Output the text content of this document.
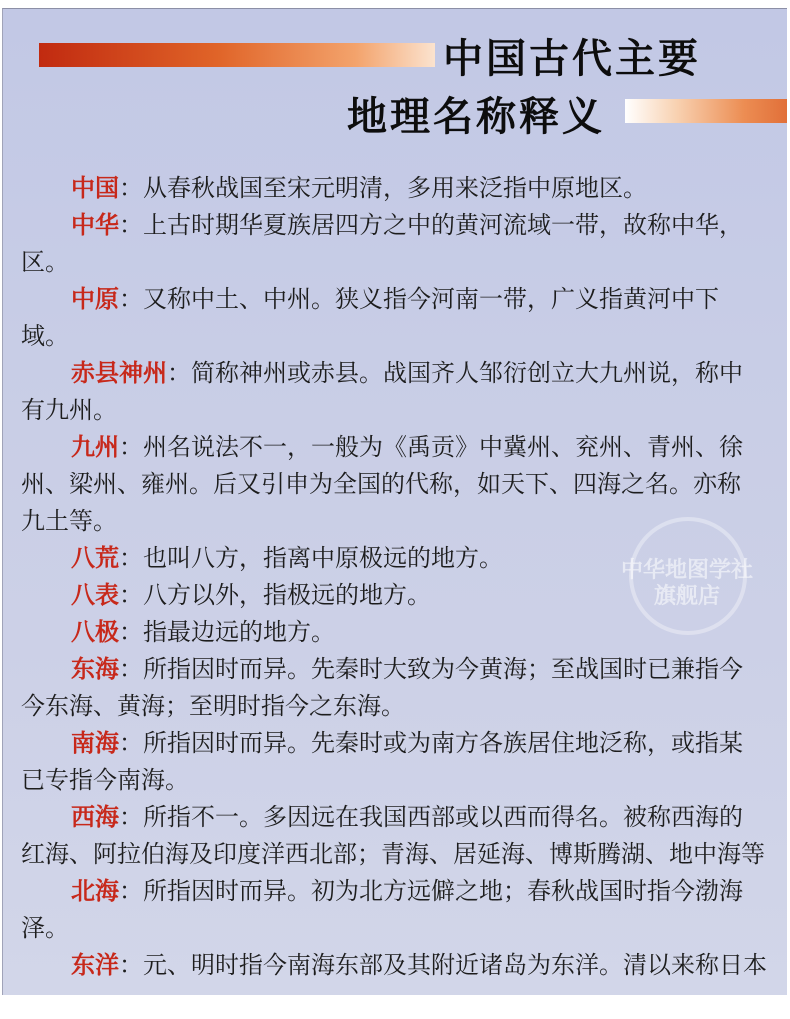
中国古代主要
地理名称释义
中华地图学社
旗舰店
中国：从春秋战国至宋元明清，多用来泛指中原地区。
中华：上古时期华夏族居四方之中的黄河流域一带，故称中华，
区。
中原：又称中土、中州。狭义指今河南一带，广义指黄河中下
域。
赤县神州：简称神州或赤县。战国齐人邹衍创立大九州说，称中
有九州。
九州：州名说法不一，一般为《禹贡》中冀州、兖州、青州、徐
州、梁州、雍州。后又引申为全国的代称，如天下、四海之名。亦称
九土等。
八荒：也叫八方，指离中原极远的地方。
八表：八方以外，指极远的地方。
八极：指最边远的地方。
东海：所指因时而异。先秦时大致为今黄海；至战国时已兼指今
今东海、黄海；至明时指今之东海。
南海：所指因时而异。先秦时或为南方各族居住地泛称，或指某
已专指今南海。
西海：所指不一。多因远在我国西部或以西而得名。被称西海的
红海、阿拉伯海及印度洋西北部；青海、居延海、博斯腾湖、地中海等
北海：所指因时而异。初为北方远僻之地；春秋战国时指今渤海
泽。
东洋：元、明时指今南海东部及其附近诸岛为东洋。清以来称日本
